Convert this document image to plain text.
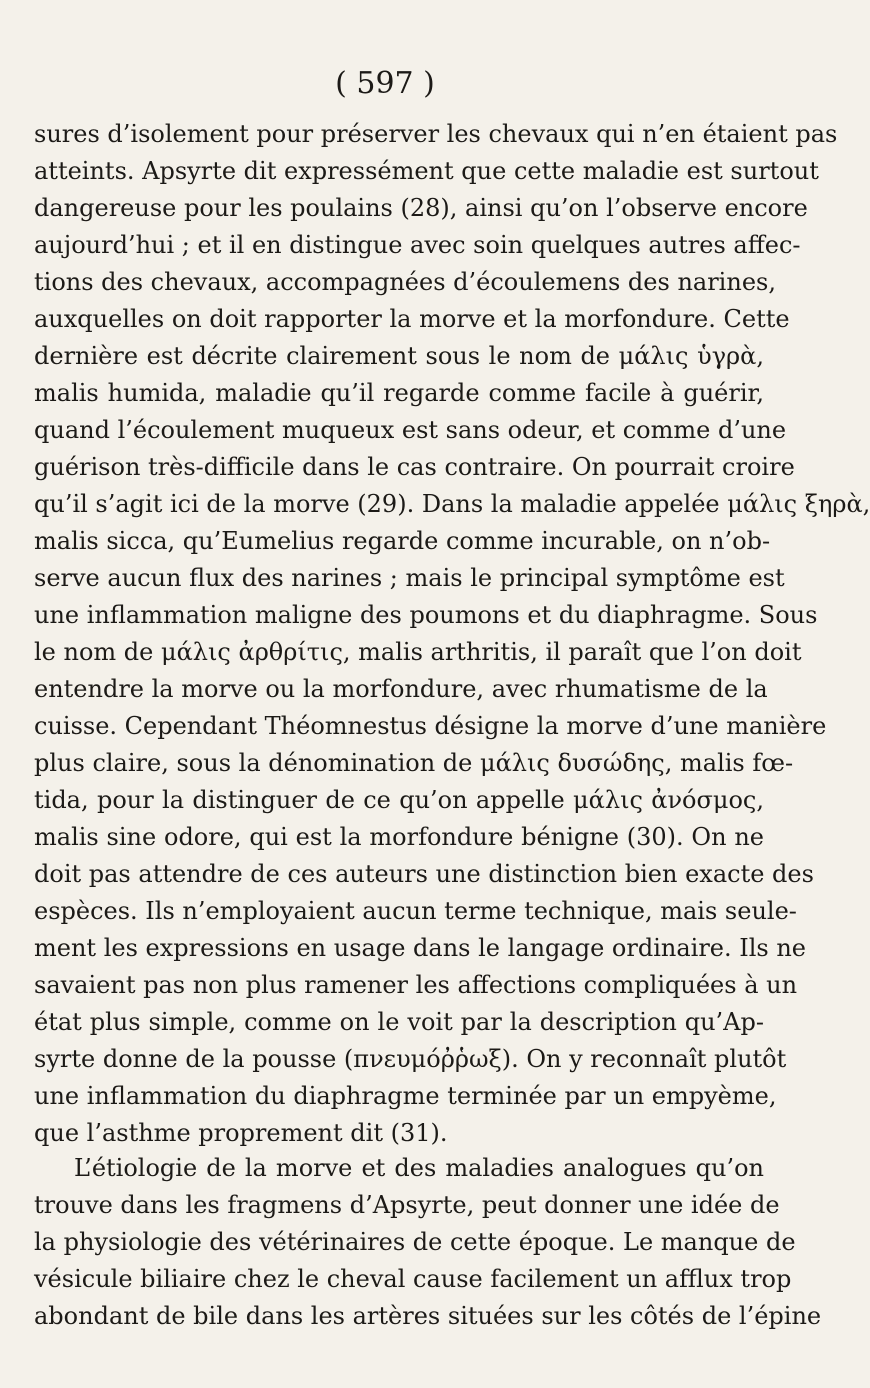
( 597 )
sures d’isolement pour préserver les chevaux qui n’en étaient pas
atteints. Apsyrte dit expressément que cette maladie est surtout
dangereuse pour les poulains (28), ainsi qu’on l’observe encore
aujourd’hui ; et il en distingue avec soin quelques autres affec-
tions des chevaux, accompagnées d’écoulemens des narines,
auxquelles on doit rapporter la morve et la morfondure. Cette
dernière est décrite clairement sous le nom de μάλις ὑγρὰ,
malis humida, maladie qu’il regarde comme facile à guérir,
quand l’écoulement muqueux est sans odeur, et comme d’une
guérison très-difficile dans le cas contraire. On pourrait croire
qu’il s’agit ici de la morve (29). Dans la maladie appelée μάλις ξηρὰ,
malis sicca, qu’Eumelius regarde comme incurable, on n’ob-
serve aucun flux des narines ; mais le principal symptôme est
une inflammation maligne des poumons et du diaphragme. Sous
le nom de μάλις ἀρθρίτις, malis arthritis, il paraît que l’on doit
entendre la morve ou la morfondure, avec rhumatisme de la
cuisse. Cependant Théomnestus désigne la morve d’une manière
plus claire, sous la dénomination de μάλις δυσώδης, malis fœ-
tida, pour la distinguer de ce qu’on appelle μάλις ἀνόσμος,
malis sine odore, qui est la morfondure bénigne (30). On ne
doit pas attendre de ces auteurs une distinction bien exacte des
espèces. Ils n’employaient aucun terme technique, mais seule-
ment les expressions en usage dans le langage ordinaire. Ils ne
savaient pas non plus ramener les affections compliquées à un
état plus simple, comme on le voit par la description qu’Ap-
syrte donne de la pousse (πνευμόῤῥωξ). On y reconnaît plutôt
une inflammation du diaphragme terminée par un empyème,
que l’asthme proprement dit (31).
L’étiologie de la morve et des maladies analogues qu’on
trouve dans les fragmens d’Apsyrte, peut donner une idée de
la physiologie des vétérinaires de cette époque. Le manque de
vésicule biliaire chez le cheval cause facilement un afflux trop
abondant de bile dans les artères situées sur les côtés de l’épine
